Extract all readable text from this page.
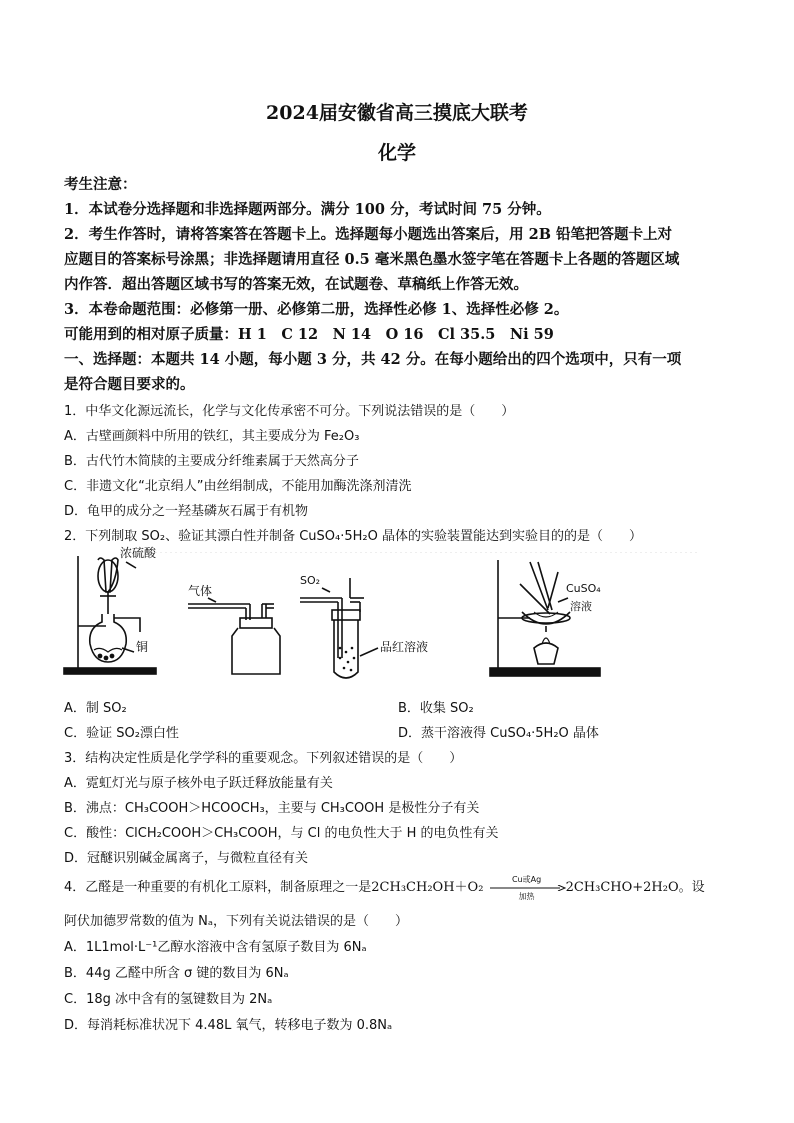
2024届安徽省高三摸底大联考
化学
考生注意：
1．本试卷分选择题和非选择题两部分。满分 100 分，考试时间 75 分钟。
2．考生作答时，请将答案答在答题卡上。选择题每小题选出答案后，用 2B 铅笔把答题卡上对
应题目的答案标号涂黑；非选择题请用直径 0.5 毫米黑色墨水签字笔在答题卡上各题的答题区域
内作答．超出答题区域书写的答案无效，在试题卷、草稿纸上作答无效。
3．本卷命题范围：必修第一册、必修第二册，选择性必修 1、选择性必修 2。
可能用到的相对原子质量：H 1　C 12　N 14　O 16　Cl 35.5　Ni 59
一、选择题：本题共 14 小题，每小题 3 分，共 42 分。在每小题给出的四个选项中，只有一项
是符合题目要求的。
1．中华文化源远流长，化学与文化传承密不可分。下列说法错误的是（　　）
A．古壁画颜料中所用的铁红，其主要成分为 Fe₂O₃
B．古代竹木简牍的主要成分纤维素属于天然高分子
C．非遗文化“北京绢人”由丝绢制成，不能用加酶洗涤剂清洗
D．龟甲的成分之一羟基磷灰石属于有机物
2．下列制取 SO₂、验证其漂白性并制备 CuSO₄·5H₂O 晶体的实验装置能达到实验目的的是（　　）
浓硫酸
铜
气体
SO₂
品红溶液
CuSO₄
溶液
A．制 SO₂	B．收集 SO₂
C．验证 SO₂漂白性	D．蒸干溶液得 CuSO₄·5H₂O 晶体
3．结构决定性质是化学学科的重要观念。下列叙述错误的是（　　）
A．霓虹灯光与原子核外电子跃迁释放能量有关
B．沸点：CH₃COOH＞HCOOCH₃，主要与 CH₃COOH 是极性分子有关
C．酸性：ClCH₂COOH＞CH₃COOH，与 Cl 的电负性大于 H 的电负性有关
D．冠醚识别碱金属离子，与微粒直径有关
4．乙醛是一种重要的有机化工原料，制备原理之一是2CH₃CH₂OH＋O₂
Cu或Ag
加热
2CH₃CHO+2H₂O。设
阿伏加德罗常数的值为 Nₐ，下列有关说法错误的是（　　）
A．1L1mol·L⁻¹乙醇水溶液中含有氢原子数目为 6Nₐ
B．44g 乙醛中所含 σ 键的数目为 6Nₐ
C．18g 冰中含有的氢键数目为 2Nₐ
D．每消耗标准状况下 4.48L 氧气，转移电子数为 0.8Nₐ
